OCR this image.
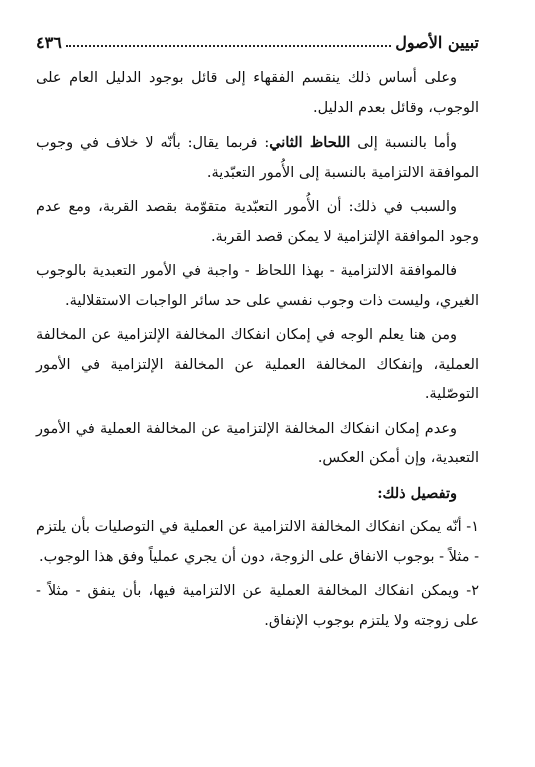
تبيين الأصول
٤٣٦

وعلى أساس ذلك ينقسم الفقهاء إلى قائل بوجود الدليل العام على الوجوب، وقائل بعدم الدليل.

وأما بالنسبة إلى اللحاظ الثاني: فربما يقال: بأنّه لا خلاف في وجوب الموافقة الالتزامية بالنسبة إلى الأُمور التعبّدية.

والسبب في ذلك: أن الأُمور التعبّدية متقوّمة بقصد القربة، ومع عدم وجود الموافقة الإلتزامية لا يمكن قصد القربة.

فالموافقة الالتزامية - بهذا اللحاظ - واجبة في الأمور التعبدية بالوجوب الغيري، وليست ذات وجوب نفسي على حد سائر الواجبات الاستقلالية.

ومن هنا يعلم الوجه في إمكان انفكاك المخالفة الإلتزامية عن المخالفة العملية، وإنفكاك المخالفة العملية عن المخالفة الإلتزامية في الأمور التوصّلية.

وعدم إمكان انفكاك المخالفة الإلتزامية عن المخالفة العملية في الأمور التعبدية، وإن أمكن العكس.

وتفصيل ذلك:

١- أنّه يمكن انفكاك المخالفة الالتزامية عن العملية في التوصليات بأن يلتزم - مثلاً - بوجوب الانفاق على الزوجة، دون أن يجري عملياً وفق هذا الوجوب.

٢- ويمكن انفكاك المخالفة العملية عن الالتزامية فيها، بأن ينفق - مثلاً - على زوجته ولا يلتزم بوجوب الإنفاق.
